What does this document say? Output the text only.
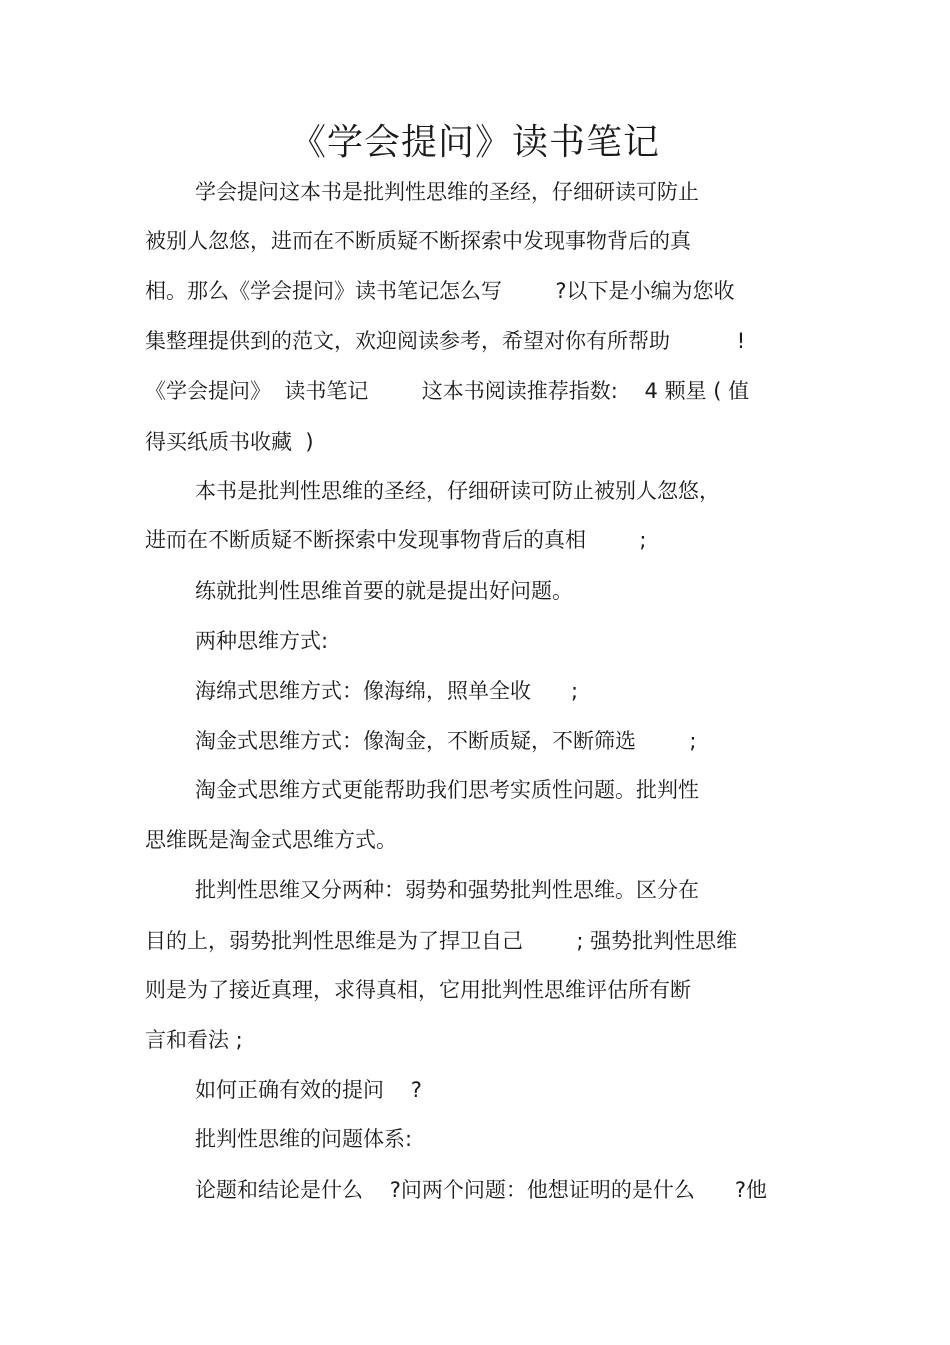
《学会提问》读书笔记
学会提问这本书是批判性思维的圣经，仔细研读可防止
被别人忽悠，进而在不断质疑不断探索中发现事物背后的真
相。那么《学会提问》读书笔记怎么写        ?以下是小编为您收
集整理提供到的范文，欢迎阅读参考，希望对你有所帮助          !
《学会提问》  读书笔记        这本书阅读推荐指数:    4 颗星 ( 值
得买纸质书收藏  )
本书是批判性思维的圣经，仔细研读可防止被别人忽悠，
进而在不断质疑不断探索中发现事物背后的真相        ;
练就批判性思维首要的就是提出好问题。
两种思维方式:
海绵式思维方式：像海绵，照单全收      ;
淘金式思维方式：像淘金，不断质疑，不断筛选        ;
淘金式思维方式更能帮助我们思考实质性问题。批判性
思维既是淘金式思维方式。
批判性思维又分两种：弱势和强势批判性思维。区分在
目的上，弱势批判性思维是为了捍卫自己        ; 强势批判性思维
则是为了接近真理，求得真相，它用批判性思维评估所有断
言和看法 ;
如何正确有效的提问    ?
批判性思维的问题体系:
论题和结论是什么    ?问两个问题：他想证明的是什么      ?他
